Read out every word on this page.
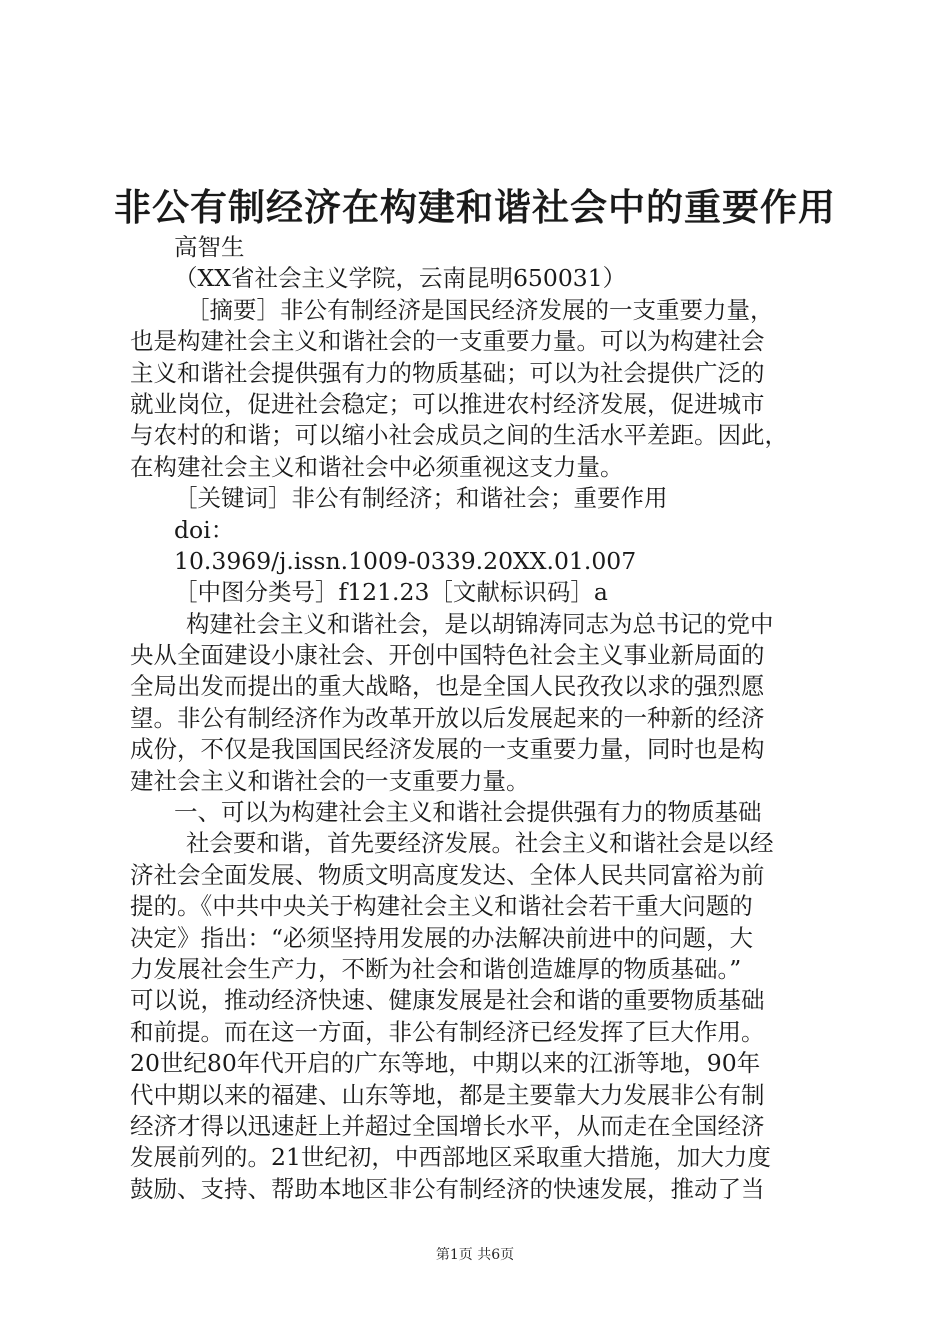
非公有制经济在构建和谐社会中的重要作用
高智生
（XX省社会主义学院，云南昆明650031）
［摘要］非公有制经济是国民经济发展的一支重要力量，
也是构建社会主义和谐社会的一支重要力量。可以为构建社会
主义和谐社会提供强有力的物质基础；可以为社会提供广泛的
就业岗位，促进社会稳定；可以推进农村经济发展，促进城市
与农村的和谐；可以缩小社会成员之间的生活水平差距。因此，
在构建社会主义和谐社会中必须重视这支力量。
［关键词］非公有制经济；和谐社会；重要作用
doi：
10.3969/j.issn.1009-0339.20XX.01.007
［中图分类号］f121.23［文献标识码］a
构建社会主义和谐社会，是以胡锦涛同志为总书记的党中
央从全面建设小康社会、开创中国特色社会主义事业新局面的
全局出发而提出的重大战略，也是全国人民孜孜以求的强烈愿
望。非公有制经济作为改革开放以后发展起来的一种新的经济
成份，不仅是我国国民经济发展的一支重要力量，同时也是构
建社会主义和谐社会的一支重要力量。
一、可以为构建社会主义和谐社会提供强有力的物质基础
社会要和谐，首先要经济发展。社会主义和谐社会是以经
济社会全面发展、物质文明高度发达、全体人民共同富裕为前
提的。《中共中央关于构建社会主义和谐社会若干重大问题的
决定》指出：“必须坚持用发展的办法解决前进中的问题，大
力发展社会生产力，不断为社会和谐创造雄厚的物质基础。”
可以说，推动经济快速、健康发展是社会和谐的重要物质基础
和前提。而在这一方面，非公有制经济已经发挥了巨大作用。
20世纪80年代开启的广东等地，中期以来的江浙等地，90年
代中期以来的福建、山东等地，都是主要靠大力发展非公有制
经济才得以迅速赶上并超过全国增长水平，从而走在全国经济
发展前列的。21世纪初，中西部地区采取重大措施，加大力度
鼓励、支持、帮助本地区非公有制经济的快速发展，推动了当
第1页 共6页
